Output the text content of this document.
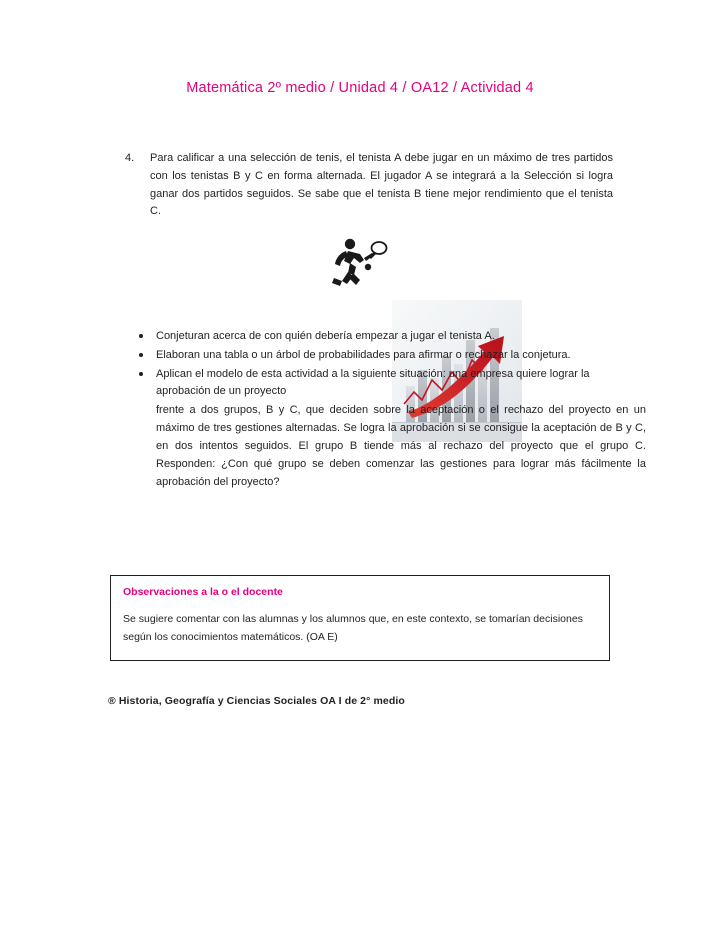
Matemática 2º medio / Unidad 4 / OA12 / Actividad 4
4.	Para calificar a una selección de tenis, el tenista A debe jugar en un máximo de tres partidos con los tenistas B y C en forma alternada. El jugador A se integrará a la Selección si logra ganar dos partidos seguidos. Se sabe que el tenista B tiene mejor rendimiento que el tenista C.
Conjeturan acerca de con quién debería empezar a jugar el tenista A.
Elaboran una tabla o un árbol de probabilidades para afirmar o rechazar la conjetura.
Aplican el modelo de esta actividad a la siguiente situación: una empresa quiere lograr la aprobación de un proyecto
frente a dos grupos, B y C, que deciden sobre la aceptación o el rechazo del proyecto en un máximo de tres gestiones alternadas. Se logra la aprobación si se consigue la aceptación de B y C, en dos intentos seguidos. El grupo B tiende más al rechazo del proyecto que el grupo C. Responden: ¿Con qué grupo se deben comenzar las gestiones para lograr más fácilmente la aprobación del proyecto?
Observaciones a la o el docente
Se sugiere comentar con las alumnas y los alumnos que, en este contexto, se tomarían decisiones según los conocimientos matemáticos. (OA E)
® Historia, Geografía y Ciencias Sociales OA I de 2° medio
